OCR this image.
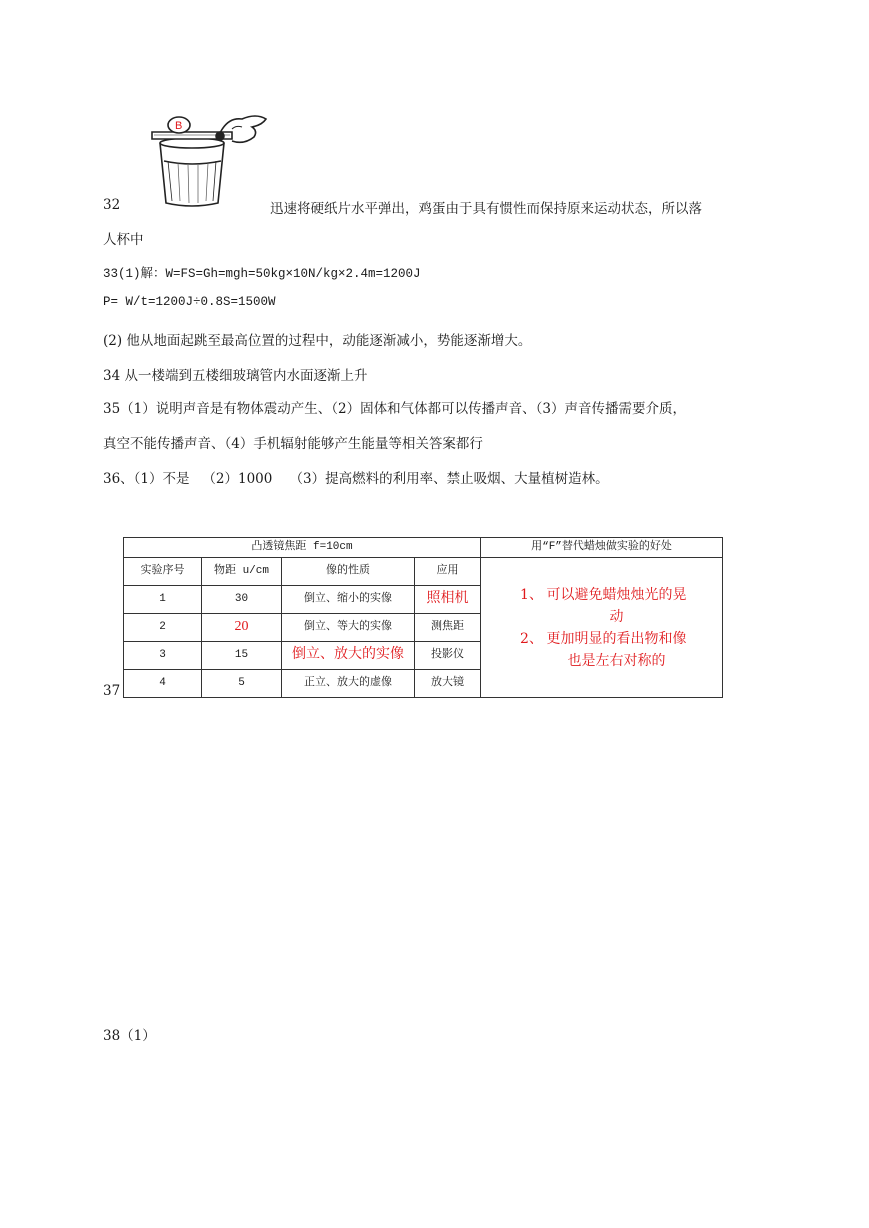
B
32	迅速将硬纸片水平弹出，鸡蛋由于具有惯性而保持原来运动状态，所以落
人杯中
33(1)解：W=FS=Gh=mgh=50kg×10N/kg×2.4m=1200J
P= W/t=1200J÷0.8S=1500W
(2) 他从地面起跳至最高位置的过程中，动能逐渐减小，势能逐渐增大。
34 从一楼端到五楼细玻璃管内水面逐渐上升
35（1）说明声音是有物体震动产生、（2）固体和气体都可以传播声音、（3）声音传播需要介质，
真空不能传播声音、（4）手机辐射能够产生能量等相关答案都行
36、（1）不是   （2）1000    （3）提高燃料的利用率、禁止吸烟、大量植树造林。
37
凸透镜焦距 f=10cm				用“F”替代蜡烛做实验的好处
实验序号	物距 u/cm	像的性质	应用	1、 可以避免蜡烛烛光的晃
动
2、 更加明显的看出物和像
也是左右对称的

1	30	倒立、缩小的实像	照相机	
2	20	倒立、等大的实像	测焦距	
3	15	倒立、放大的实像	投影仪	
4	5	正立、放大的虚像	放大镜	
38（1）
